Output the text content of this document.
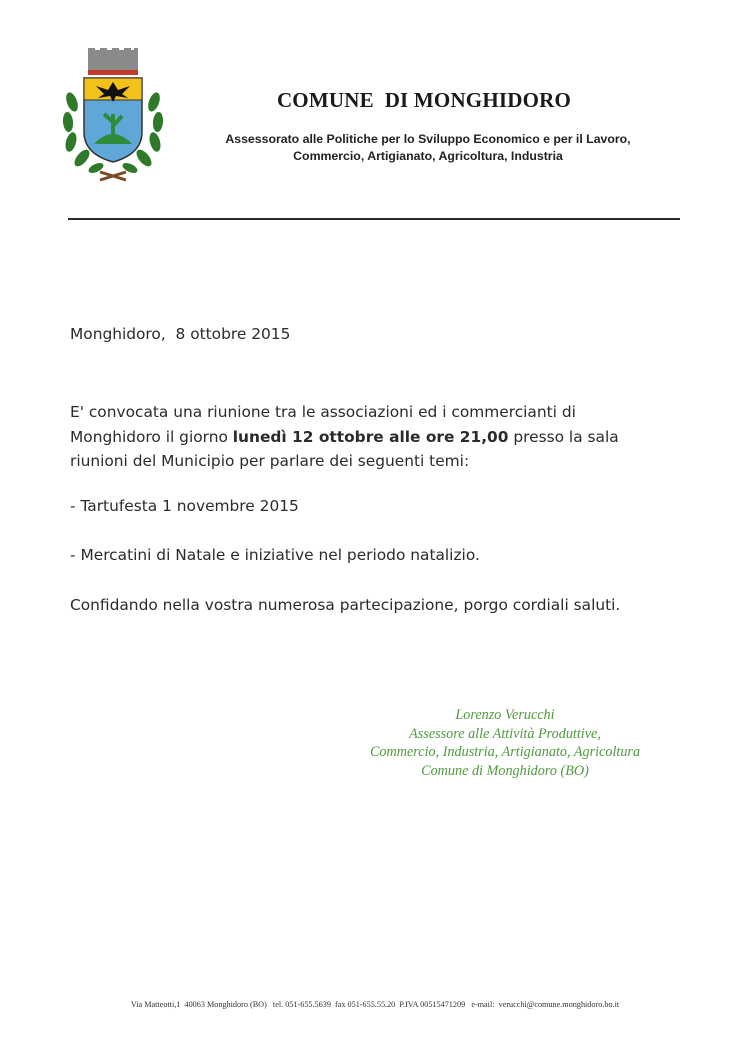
COMUNE  DI MONGHIDORO
Assessorato alle Politiche per lo Sviluppo Economico e per il Lavoro,
Commercio, Artigianato, Agricoltura, Industria
Monghidoro,  8 ottobre 2015
E' convocata una riunione tra le associazioni ed i commercianti di
Monghidoro il giorno lunedì 12 ottobre alle ore 21,00 presso la sala
riunioni del Municipio per parlare dei seguenti temi:
- Tartufesta 1 novembre 2015
- Mercatini di Natale e iniziative nel periodo natalizio.
Confidando nella vostra numerosa partecipazione, porgo cordiali saluti.
Lorenzo Verucchi
Assessore alle Attività Produttive,
Commercio, Industria, Artigianato, Agricoltura
Comune di Monghidoro (BO)
Via Matteotti,1  40063 Monghidoro (BO)   tel. 051-655.5639  fax 051-655.55.20  P.IVA 00515471209   e-mail:  verucchi@comune.monghidoro.bo.it
